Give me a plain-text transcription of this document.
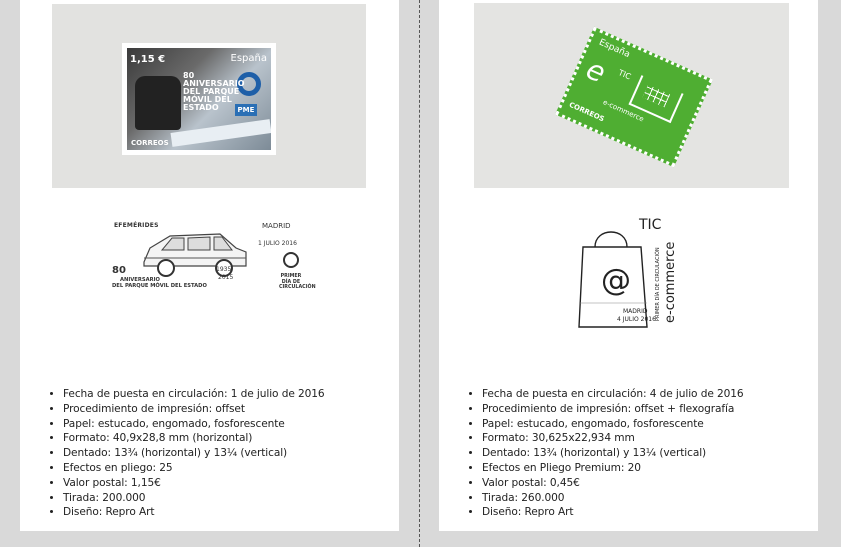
1,15 €	España
80 ANIVERSARIO DEL PARQUE MÓVIL DEL ESTADO	PME
CORREOS
EFEMÉRIDES	MADRID
1 JULIO 2016
80
ANIVERSARIO
DEL PARQUE MÓVIL DEL ESTADO
1935
2015	PRIMER DÍA DE CIRCULACIÓN
• Fecha de puesta en circulación: 1 de julio de 2016
• Procedimiento de impresión: offset
• Papel: estucado, engomado, fosforescente
• Formato: 40,9x28,8 mm (horizontal)
• Dentado: 13¾ (horizontal) y 13¼ (vertical)
• Efectos en pliego: 25
• Valor postal: 1,15€
• Tirada: 200.000
• Diseño: Repro Art
España
e TIC
e-commerce
CORREOS
@
TIC
e-commerce
PRIMER DÍA DE CIRCULACIÓN
MADRID
4 JULIO 2016
• Fecha de puesta en circulación: 4 de julio de 2016
• Procedimiento de impresión: offset + flexografía
• Papel: estucado, engomado, fosforescente
• Formato: 30,625x22,934 mm
• Dentado: 13¾ (horizontal) y 13¼ (vertical)
• Efectos en Pliego Premium: 20
• Valor postal: 0,45€
• Tirada: 260.000
• Diseño: Repro Art
